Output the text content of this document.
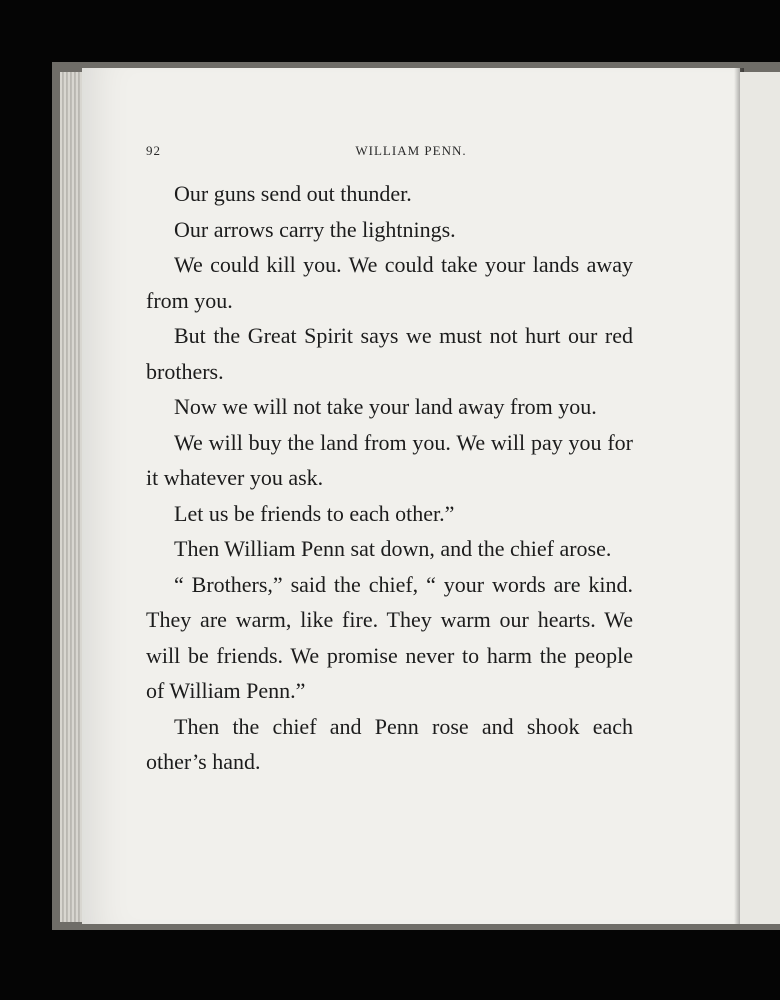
92	WILLIAM PENN.

Our guns send out thunder.

Our arrows carry the lightnings.

We could kill you. We could take your lands away from you.

But the Great Spirit says we must not hurt our red brothers.

Now we will not take your land away from you.

We will buy the land from you. We will pay you for it whatever you ask.

Let us be friends to each other.”

Then William Penn sat down, and the chief arose.

“ Brothers,” said the chief, “ your words are kind. They are warm, like fire. They warm our hearts. We will be friends. We promise never to harm the people of William Penn.”

Then the chief and Penn rose and shook each other’s hand.
